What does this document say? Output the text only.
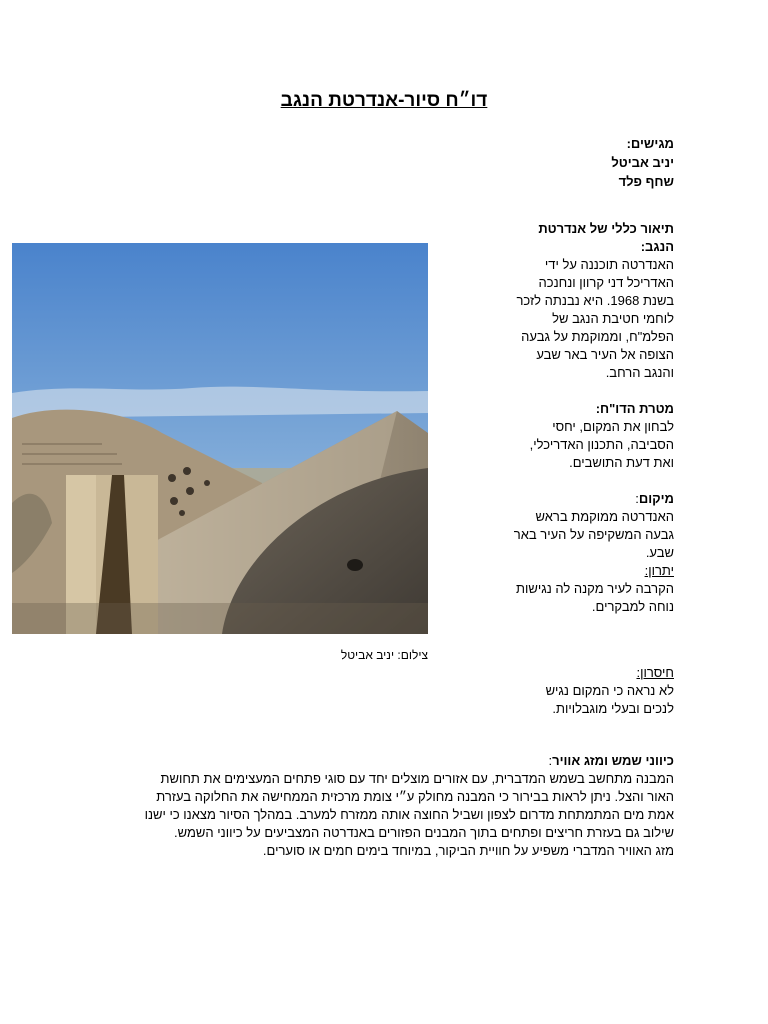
דו״ח סיור-אנדרטת הנגב
מגישים:
יניב אביטל
שחף פלד

תיאור כללי של אנדרטת הנגב:

האנדרטה תוכננה על ידי האדריכל דני קרוון ונחנכה בשנת 1968. היא נבנתה לזכר לוחמי חטיבת הנגב של הפלמ"ח, וממוקמת על גבעה הצופה אל העיר באר שבע והנגב הרחב.

מטרת הדו"ח:

לבחון את המקום, יחסי הסביבה, התכנון האדריכלי, ואת דעת התושבים.

מיקום:

האנדרטה ממוקמת בראש גבעה המשקיפה על העיר באר שבע.

יתרון:

הקרבה לעיר מקנה לה נגישות נוחה למבקרים.

צילום: יניב אביטל

חיסרון:

לא נראה כי המקום נגיש לנכים ובעלי מוגבלויות.

כיווני שמש ומזג אוויר:

המבנה מתחשב בשמש המדברית, עם אזורים מוצלים יחד עם סוגי פתחים המעצימים את תחושת

האור והצל. ניתן לראות בבירור כי המבנה מחולק ע״י צומת מרכזית הממחישה את החלוקה בעזרת

אמת מים המתמתחת מדרום לצפון ושביל החוצה אותה ממזרח למערב. במהלך הסיור מצאנו כי ישנו

שילוב גם בעזרת חריצים ופתחים בתוך המבנים הפזורים באנדרטה המצביעים על כיווני השמש.

מזג האוויר המדברי משפיע על חוויית הביקור, במיוחד בימים חמים או סוערים.
